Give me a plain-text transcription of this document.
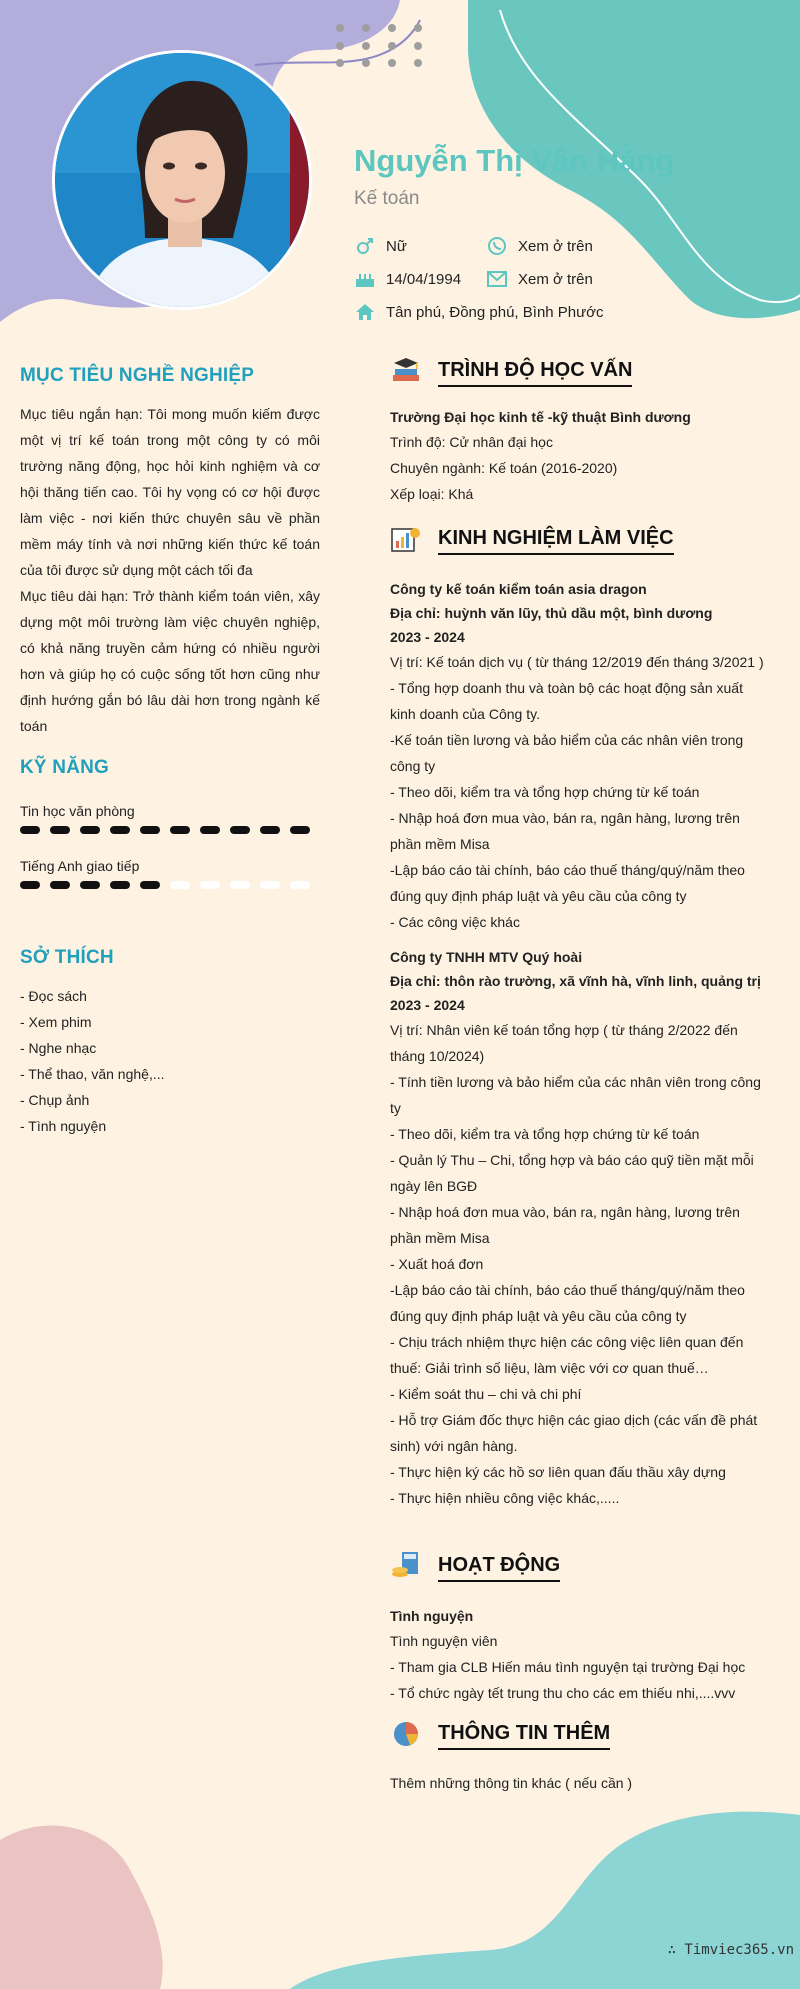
Nguyễn Thị Vân Hằng
Kế toán
Nữ
14/04/1994
Tân phú, Đồng phú, Bình Phước
Xem ở trên
Xem ở trên
MỤC TIÊU NGHỀ NGHIỆP

Mục tiêu ngắn hạn: Tôi mong muốn kiếm được một vị trí kế toán trong một công ty có môi trường năng động, học hỏi kinh nghiệm và cơ hội thăng tiến cao. Tôi hy vọng có cơ hội được làm việc - nơi kiến thức chuyên sâu về phần mềm máy tính và nơi những kiến thức kế toán của tôi được sử dụng một cách tối đa

Mục tiêu dài hạn: Trở thành kiểm toán viên, xây dựng một môi trường làm việc chuyên nghiệp, có khả năng truyền cảm hứng có nhiều người hơn và giúp họ có cuộc sống tốt hơn cũng như định hướng gắn bó lâu dài hơn trong ngành kế toán

KỸ NĂNG
Tin học văn phòng
Tiếng Anh giao tiếp
SỞ THÍCH
- Đọc sách
- Xem phim
- Nghe nhạc
- Thể thao, văn nghệ,...
- Chụp ảnh
- Tình nguyện
TRÌNH ĐỘ HỌC VẤN

Trường Đại học kinh tế -kỹ thuật Bình dương

Trình độ: Cử nhân đại học

Chuyên ngành: Kế toán (2016-2020)

Xếp loại: Khá

KINH NGHIỆM LÀM VIỆC

Công ty kế toán kiểm toán asia dragon

Địa chỉ: huỳnh văn lũy, thủ dầu một, bình dương

2023 - 2024

Vị trí: Kế toán dịch vụ ( từ tháng 12/2019 đến tháng 3/2021 )

- Tổng hợp doanh thu và toàn bộ các hoạt động sản xuất kinh doanh của Công ty.

-Kế toán tiền lương và bảo hiểm của các nhân viên trong công ty

- Theo dõi, kiểm tra và tổng hợp chứng từ kế toán

- Nhập hoá đơn mua vào, bán ra, ngân hàng, lương trên phần mềm Misa

-Lập báo cáo tài chính, báo cáo thuế tháng/quý/năm theo đúng quy định pháp luật và yêu cầu của công ty

- Các công việc khác

Công ty TNHH MTV Quý hoài

Địa chỉ: thôn rào trường, xã vĩnh hà, vĩnh linh, quảng trị

2023 - 2024

Vị trí: Nhân viên kế toán tổng hợp ( từ tháng 2/2022 đến tháng 10/2024)

- Tính tiền lương và bảo hiểm của các nhân viên trong công ty

- Theo dõi, kiểm tra và tổng hợp chứng từ kế toán

- Quản lý Thu – Chi, tổng hợp và báo cáo quỹ tiền mặt mỗi ngày lên BGĐ

- Nhập hoá đơn mua vào, bán ra, ngân hàng, lương trên phần mềm Misa

- Xuất hoá đơn

-Lập báo cáo tài chính, báo cáo thuế tháng/quý/năm theo đúng quy định pháp luật và yêu cầu của công ty

- Chịu trách nhiệm thực hiện các công việc liên quan đến thuế: Giải trình số liệu, làm việc với cơ quan thuế…

- Kiểm soát thu – chi và chi phí

- Hỗ trợ Giám đốc thực hiện các giao dịch (các vấn đề phát sinh) với ngân hàng.

- Thực hiện ký các hồ sơ liên quan đấu thầu xây dựng

- Thực hiện nhiều công việc khác,.....

HOẠT ĐỘNG

Tình nguyện

Tình nguyện viên

- Tham gia CLB Hiến máu tình nguyện tại trường Đại học

- Tổ chức ngày tết trung thu cho các em thiếu nhi,....vvv

THÔNG TIN THÊM

Thêm những thông tin khác ( nếu cần )

∴ Timviec365.vn
